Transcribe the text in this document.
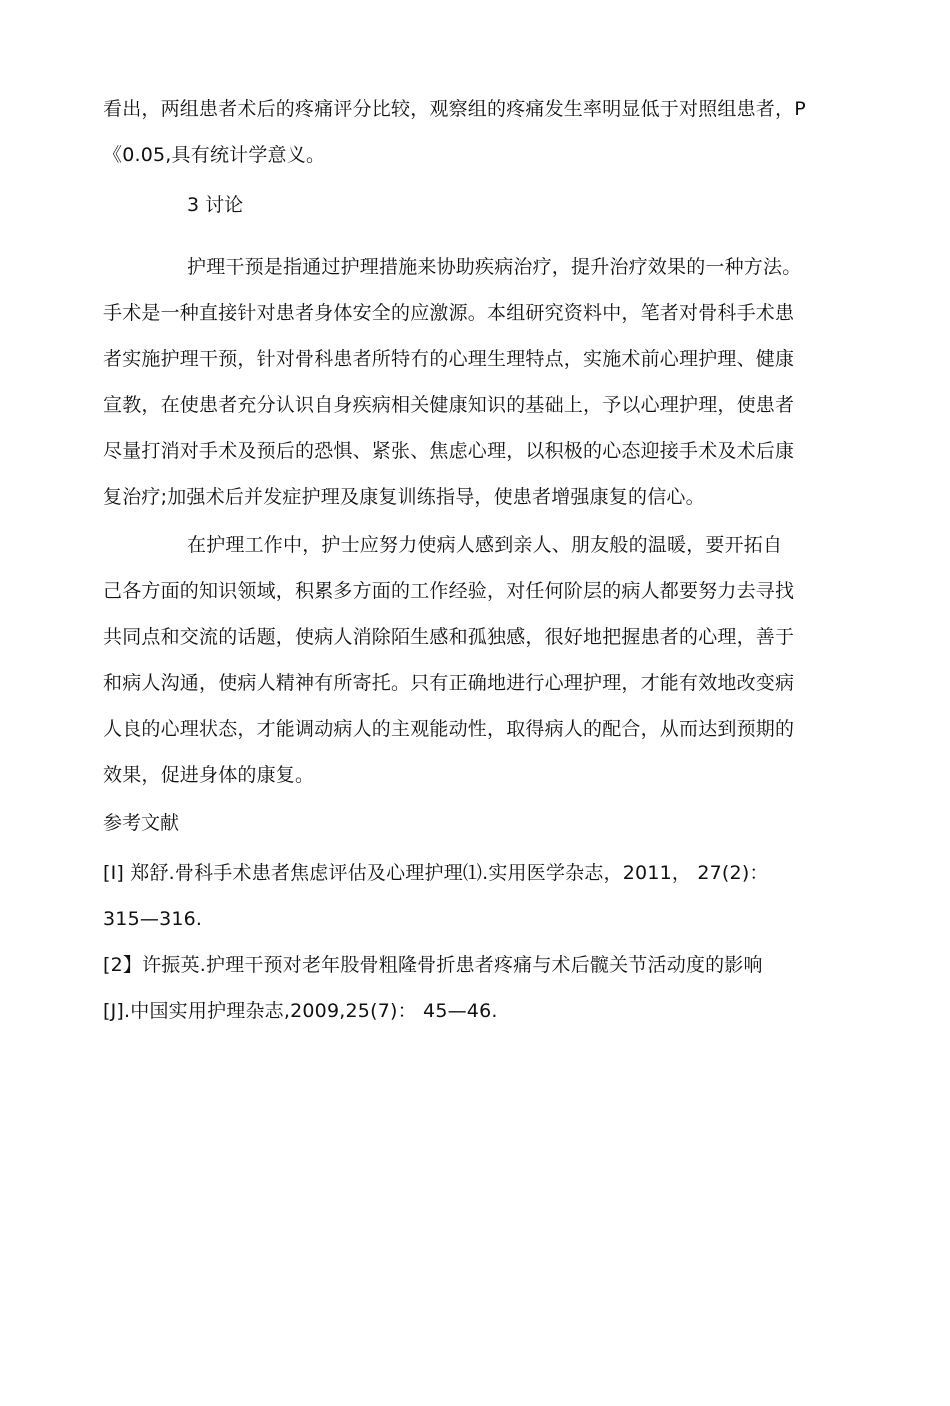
看出，两组患者术后的疼痛评分比较，观察组的疼痛发生率明显低于对照组患者，P
《0.05,具有统计学意义。
3 讨论
护理干预是指通过护理措施来协助疾病治疗，提升治疗效果的一种方法。
手术是一种直接针对患者身体安全的应激源。本组研究资料中，笔者对骨科手术患
者实施护理干预，针对骨科患者所特冇的心理生理特点，实施术前心理护理、健康
宣教，在使患者充分认识自身疾病相关健康知识的基础上，予以心理护理，使患者
尽量打消对手术及预后的恐惧、紧张、焦虑心理，以积极的心态迎接手术及术后康
复治疗;加强术后并发症护理及康复训练指导，使患者增强康复的信心。
在护理工作中，护士应努力使病人感到亲人、朋友般的温暖，要开拓自
己各方面的知识领域，积累多方面的工作经验，对任何阶层的病人都要努力去寻找
共同点和交流的话题，使病人消除陌生感和孤独感，很好地把握患者的心理，善于
和病人沟通，使病人精神有所寄托。只有正确地进行心理护理，才能有效地改变病
人良的心理状态，才能调动病人的主观能动性，取得病人的配合，从而达到预期的
效果，促进身体的康复。
参考文献
[I] 郑舒.骨科手术患者焦虑评估及心理护理⑴.实用医学杂志，2011， 27(2)：
315—316.
[2】许振英.护理干预对老年股骨粗隆骨折患者疼痛与术后髋关节活动度的影响
[J].中国实用护理杂志,2009,25(7)： 45—46.
